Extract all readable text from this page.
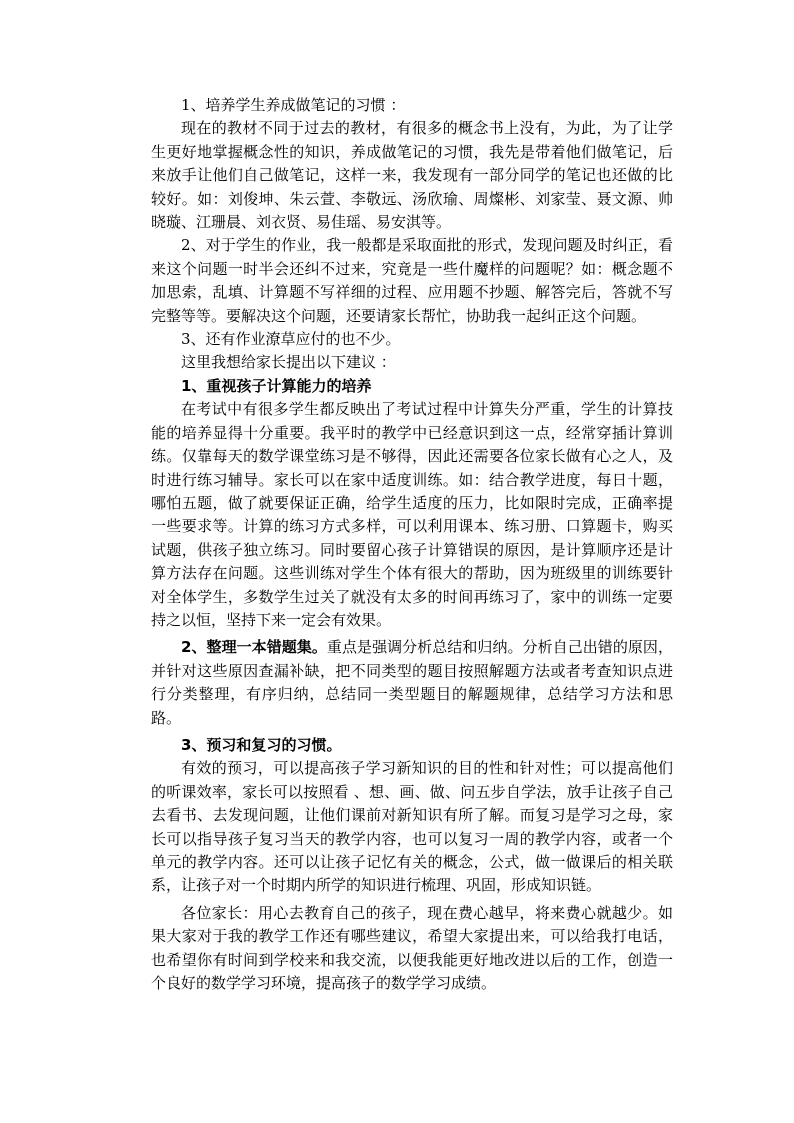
1、培养学生养成做笔记的习惯 ：

现在的教材不同于过去的教材，有很多的概念书上没有，为此，为了让学生更好地掌握概念性的知识，养成做笔记的习惯，我先是带着他们做笔记，后来放手让他们自己做笔记，这样一来，我发现有一部分同学的笔记也还做的比较好。如：刘俊坤、朱云萱、李敬远、汤欣瑜、周燦彬、刘家莹、聂文源、帅晓璇、江珊晨、刘衣贤、易佳瑶、易安淇等。

2、对于学生的作业，我一般都是采取面批的形式，发现问题及时纠正，看来这个问题一时半会还纠不过来，究竟是一些什魔样的问题呢？如：概念题不加思索，乱填、计算题不写祥细的过程、应用题不抄题、解答完后，答就不写完整等等。要解决这个问题，还要请家长帮忙，协助我一起纠正这个问题。

3、还有作业潦草应付的也不少。

这里我想给家长提出以下建议 ：

1、重视孩子计算能力的培养

在考试中有很多学生都反映出了考试过程中计算失分严重，学生的计算技能的培养显得十分重要。我平时的教学中已经意识到这一点，经常穿插计算训练。仅靠每天的数学课堂练习是不够得，因此还需要各位家长做有心之人，及时进行练习辅导。家长可以在家中适度训练。如：结合教学进度，每日十题，哪怕五题，做了就要保证正确，给学生适度的压力，比如限时完成，正确率提一些要求等。计算的练习方式多样，可以利用课本、练习册、口算题卡，购买试题，供孩子独立练习。同时要留心孩子计算错误的原因，是计算顺序还是计算方法存在问题。这些训练对学生个体有很大的帮助，因为班级里的训练要针对全体学生，多数学生过关了就没有太多的时间再练习了，家中的训练一定要持之以恒，坚持下来一定会有效果。

2、整理一本错题集。重点是强调分析总结和归纳。分析自己出错的原因，并针对这些原因查漏补缺，把不同类型的题目按照解题方法或者考查知识点进行分类整理，有序归纳，总结同一类型题目的解题规律，总结学习方法和思路。

3、预习和复习的习惯。

有效的预习，可以提高孩子学习新知识的目的性和针对性；可以提高他们的听课效率，家长可以按照看 、想、画、做、问五步自学法，放手让孩子自己去看书、去发现问题，让他们课前对新知识有所了解。而复习是学习之母，家长可以指导孩子复习当天的教学内容，也可以复习一周的教学内容，或者一个单元的教学内容。还可以让孩子记忆有关的概念，公式，做一做课后的相关联系，让孩子对一个时期内所学的知识进行梳理、巩固，形成知识链。

各位家长：用心去教育自己的孩子，现在费心越早，将来费心就越少。如果大家对于我的教学工作还有哪些建议，希望大家提出来，可以给我打电话，也希望你有时间到学校来和我交流，以便我能更好地改进以后的工作，创造一个良好的数学学习环境，提高孩子的数学学习成绩。
